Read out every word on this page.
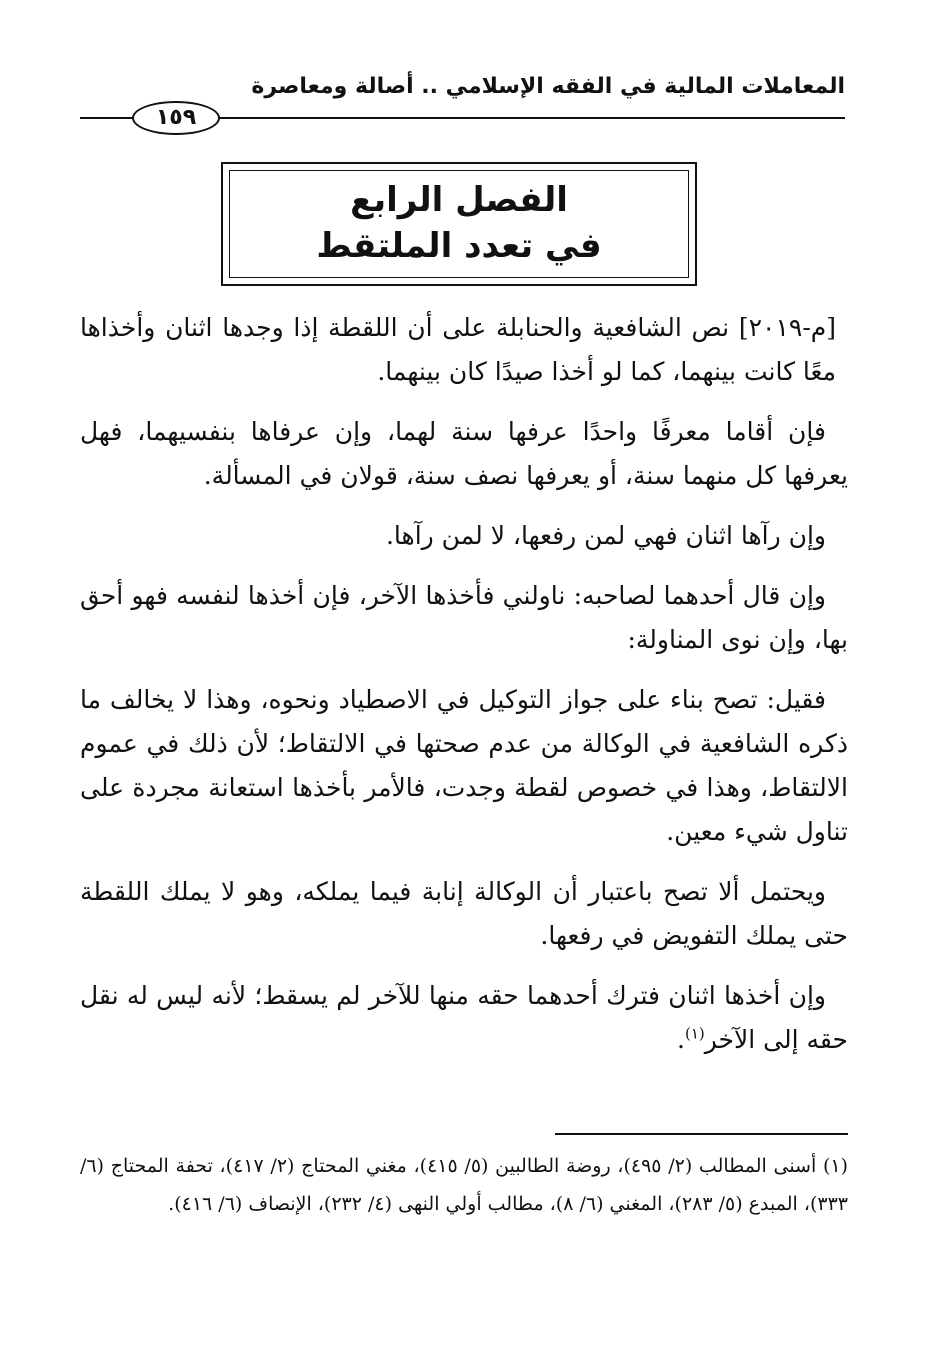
المعاملات المالية في الفقه الإسلامي .. أصالة ومعاصرة
١٥٩
الفصل الرابع
في تعدد الملتقط

[م-٢٠١٩] نص الشافعية والحنابلة على أن اللقطة إذا وجدها اثنان وأخذاها معًا كانت بينهما، كما لو أخذا صيدًا كان بينهما.

فإن أقاما معرفًا واحدًا عرفها سنة لهما، وإن عرفاها بنفسيهما، فهل يعرفها كل منهما سنة، أو يعرفها نصف سنة، قولان في المسألة.

وإن رآها اثنان فهي لمن رفعها، لا لمن رآها.

وإن قال أحدهما لصاحبه: ناولني فأخذها الآخر، فإن أخذها لنفسه فهو أحق بها، وإن نوى المناولة:

فقيل: تصح بناء على جواز التوكيل في الاصطياد ونحوه، وهذا لا يخالف ما ذكره الشافعية في الوكالة من عدم صحتها في الالتقاط؛ لأن ذلك في عموم الالتقاط، وهذا في خصوص لقطة وجدت، فالأمر بأخذها استعانة مجردة على تناول شيء معين.

ويحتمل ألا تصح باعتبار أن الوكالة إنابة فيما يملكه، وهو لا يملك اللقطة حتى يملك التفويض في رفعها.

وإن أخذها اثنان فترك أحدهما حقه منها للآخر لم يسقط؛ لأنه ليس له نقل حقه إلى الآخر$^{(١)}$.

(١) أسنى المطالب (٢/ ٤٩٥)، روضة الطالبين (٥/ ٤١٥)، مغني المحتاج (٢/ ٤١٧)، تحفة المحتاج (٦/ ٣٣٣)، المبدع (٥/ ٢٨٣)، المغني (٦/ ٨)، مطالب أولي النهى (٤/ ٢٣٢)، الإنصاف (٦/ ٤١٦).
